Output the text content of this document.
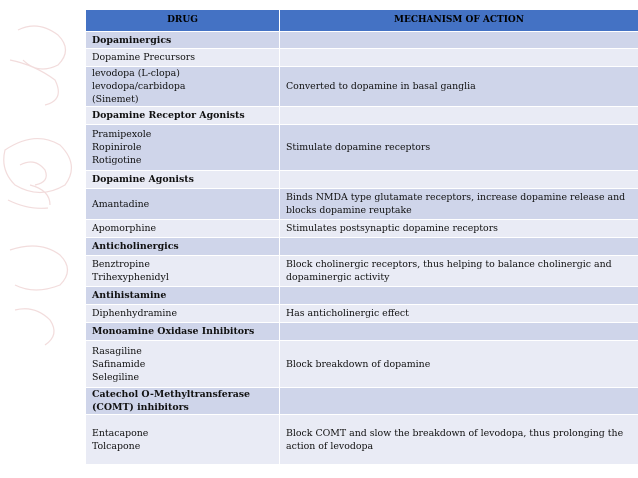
DRUG	MECHANISM OF ACTION

Dopaminergics	

Dopamine Precursors	

levodopa (L-clopa) levodopa/carbidopa
(Sinemet)	Converted to dopamine in basal ganglia

Dopamine Receptor Agonists	

Pramipexole
Ropinirole
Rotigotine	Stimulate dopamine receptors

Dopamine Agonists	

Amantadine	Binds NMDA type glutamate receptors, increase dopamine release and blocks dopamine reuptake

Apomorphine	Stimulates postsynaptic dopamine receptors

Anticholinergics	

Benztropine
Trihexyphenidyl	Block cholinergic receptors, thus helping to balance cholinergic and dopaminergic activity

Antihistamine	

Diphenhydramine	Has anticholinergic effect

Monoamine Oxidase Inhibitors	

Rasagiline
Safinamide
Selegiline	Block breakdown of dopamine

Catechol O-Methyltransferase (COMT) inhibitors	

Entacapone
Tolcapone	Block COMT and slow the breakdown of levodopa, thus prolonging the action of levodopa
